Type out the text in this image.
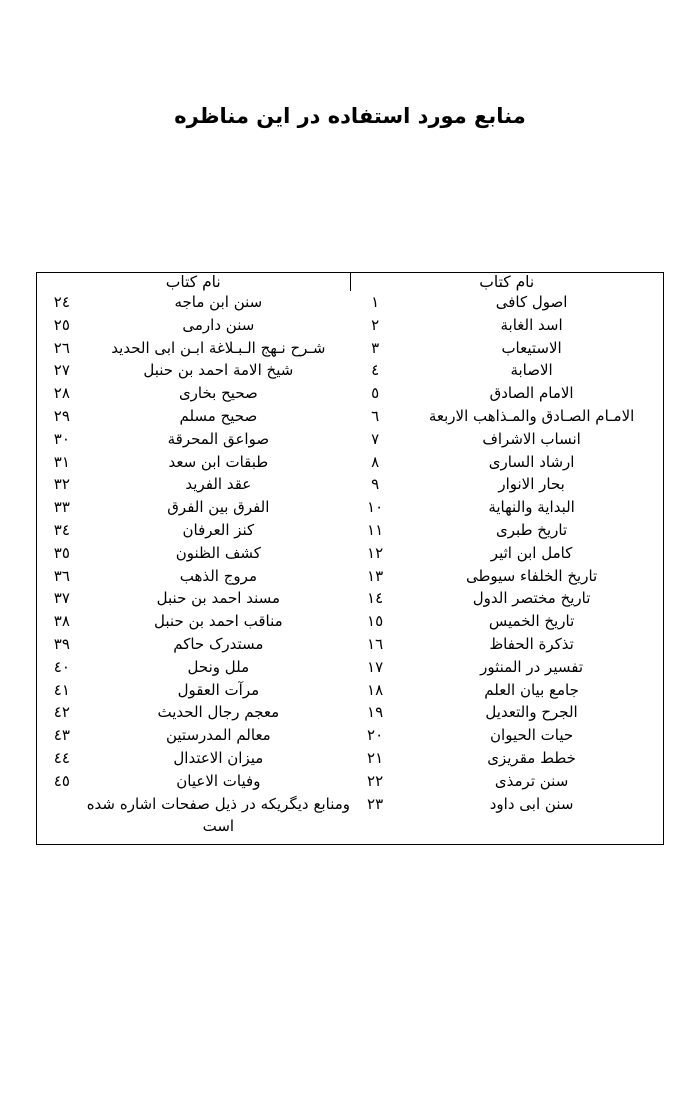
منابع مورد استفاده در این مناظره
نام كتاب		نام كتاب	
اصول كافی	١	سنن ابن ماجه	٢٤
اسد الغابة	٢	سنن دارمى	٢٥
الاستيعاب	٣	شـرح نـهج الـبـلاغة ابـن ابى الحديد	٢٦
الاصابة	٤	شيخ الامة احمد بن حنبل	٢٧
الامام الصادق	٥	صحيح بخارى	٢٨
الامـام الصـادق والمـذاهب الاربعة	٦	صحيح مسلم	٢٩
انساب الاشراف	٧	صواعق المحرقة	٣٠
ارشاد السارى	٨	طبقات ابن سعد	٣١
بحار الانوار	٩	عقد الفريد	٣٢
البداية والنهاية	١٠	الفرق بين الفرق	٣٣
تاريخ طبرى	١١	كنز العرفان	٣٤
كامل ابن اثير	١٢	كشف الظنون	٣٥
تاريخ الخلفاء سيوطى	١٣	مروج الذهب	٣٦
تاريخ مختصر الدول	١٤	مسند احمد بن حنبل	٣٧
تاريخ الخميس	١٥	مناقب احمد بن حنبل	٣٨
تذكرة الحفاظ	١٦	مستدرک حاكم	٣٩
تفسير در المنثور	١٧	ملل ونحل	٤٠
جامع بيان العلم	١٨	مرآت العقول	٤١
الجرح والتعديل	١٩	معجم رجال الحديث	٤٢
حيات الحيوان	٢٠	معالم المدرستين	٤٣
خطط مقريزى	٢١	ميزان الاعتدال	٤٤
سنن ترمذى	٢٢	وفيات الاعيان	٤٥
سنن ابى داود	٢٣	ومنابع ديگريكه در ذيل صفحات اشاره شده است	
